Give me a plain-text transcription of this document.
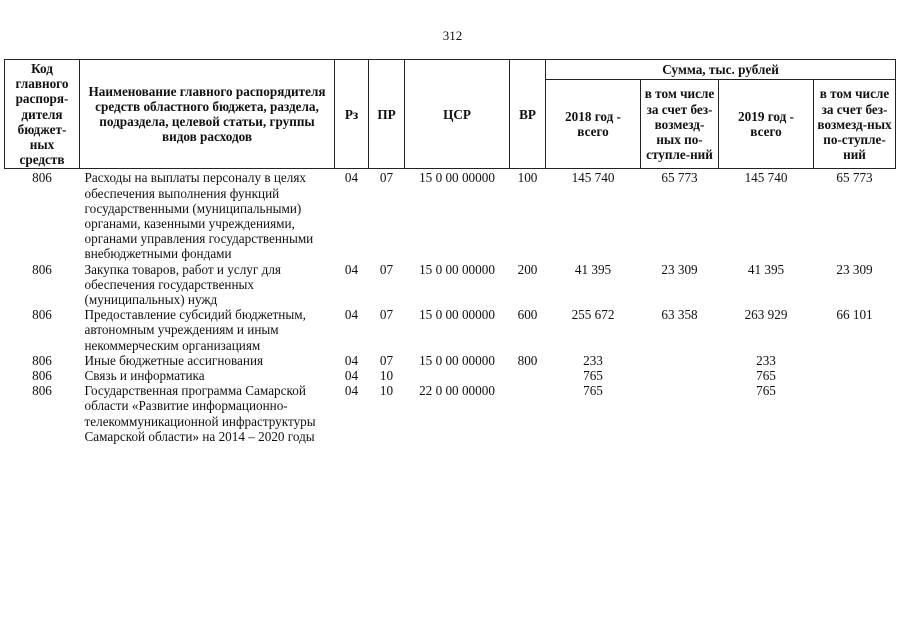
312
Код главного распоря-дителя бюджет-ных средств	Наименование главного распорядителя средств областного бюджета, раздела, подраздела, целевой статьи, группы видов расходов	Рз	ПР	ЦСР	ВР	Сумма, тыс. рублей			
						2018 год - всего	в том числе за счет без-возмезд-ных по-ступле-ний	2019 год - всего	в том числе за счет без-возмезд-ных по-ступле-ний
806	Расходы на выплаты персоналу в целях обеспечения выполнения функций государственными (муниципальными) органами, казенными учреждениями, органами управления государственными внебюджетными фондами	04	07	15 0 00 00000	100	145 740	65 773	145 740	65 773
806	Закупка товаров, работ и услуг для обеспечения государственных (муниципальных) нужд	04	07	15 0 00 00000	200	41 395	23 309	41 395	23 309
806	Предоставление субсидий бюджетным, автономным учреждениям и иным некоммерческим организациям	04	07	15 0 00 00000	600	255 672	63 358	263 929	66 101
806	Иные бюджетные ассигнования	04	07	15 0 00 00000	800	233		233	
806	Связь и информатика	04	10			765		765	
806	Государственная программа Самарской области «Развитие информационно-телекоммуникационной инфраструктуры Самарской области» на 2014 – 2020 годы	04	10	22 0 00 00000		765		765	
